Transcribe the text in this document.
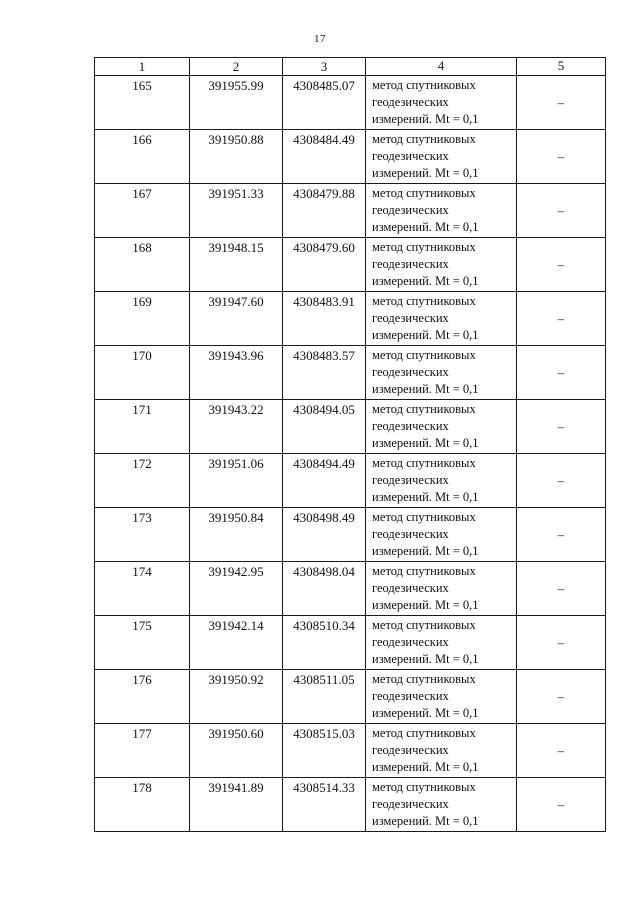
17
1	2	3	4	5
165	391955.99	4308485.07	метод спутниковых
геодезических
измерений. Mt = 0,1	–
166	391950.88	4308484.49	метод спутниковых
геодезических
измерений. Mt = 0,1	–
167	391951.33	4308479.88	метод спутниковых
геодезических
измерений. Mt = 0,1	–
168	391948.15	4308479.60	метод спутниковых
геодезических
измерений. Mt = 0,1	–
169	391947.60	4308483.91	метод спутниковых
геодезических
измерений. Mt = 0,1	–
170	391943.96	4308483.57	метод спутниковых
геодезических
измерений. Mt = 0,1	–
171	391943.22	4308494.05	метод спутниковых
геодезических
измерений. Mt = 0,1	–
172	391951.06	4308494.49	метод спутниковых
геодезических
измерений. Mt = 0,1	–
173	391950.84	4308498.49	метод спутниковых
геодезических
измерений. Mt = 0,1	–
174	391942.95	4308498.04	метод спутниковых
геодезических
измерений. Mt = 0,1	–
175	391942.14	4308510.34	метод спутниковых
геодезических
измерений. Mt = 0,1	–
176	391950.92	4308511.05	метод спутниковых
геодезических
измерений. Mt = 0,1	–
177	391950.60	4308515.03	метод спутниковых
геодезических
измерений. Mt = 0,1	–
178	391941.89	4308514.33	метод спутниковых
геодезических
измерений. Mt = 0,1	–
